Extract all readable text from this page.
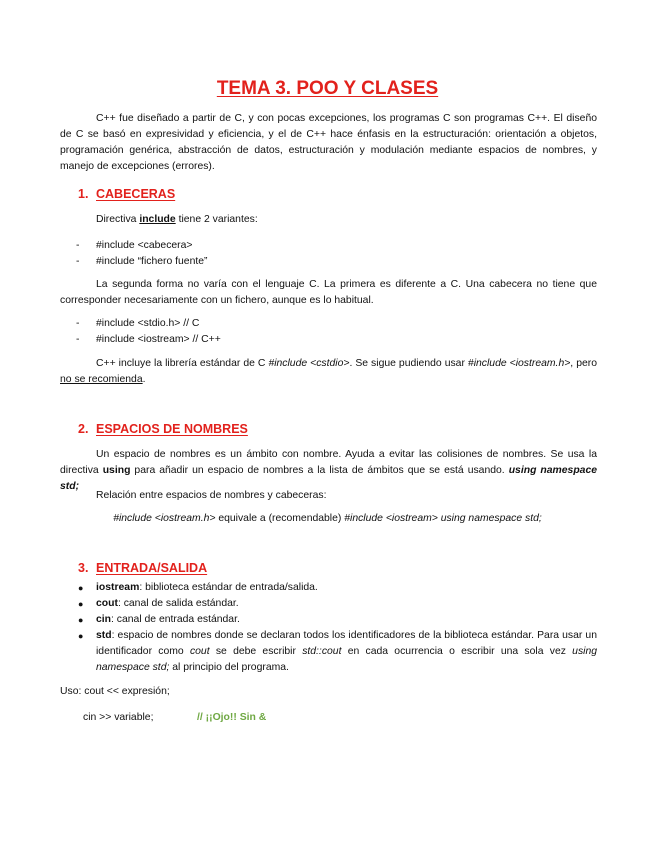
TEMA 3. POO Y CLASES
C++ fue diseñado a partir de C, y con pocas excepciones, los programas C son programas C++. El diseño de C se basó en expresividad y eficiencia, y el de C++ hace énfasis en la estructuración: orientación a objetos, programación genérica, abstracción de datos, estructuración y modulación mediante espacios de nombres, y manejo de excepciones (errores).
1. CABECERAS
Directiva include tiene 2 variantes:
- #include <cabecera>
- #include “fichero fuente”
La segunda forma no varía con el lenguaje C. La primera es diferente a C. Una cabecera no tiene que corresponder necesariamente con un fichero, aunque es lo habitual.
- #include <stdio.h> // C
- #include <iostream> // C++
C++ incluye la librería estándar de C #include <cstdio>. Se sigue pudiendo usar #include <iostream.h>, pero no se recomienda.
2. ESPACIOS DE NOMBRES
Un espacio de nombres es un ámbito con nombre. Ayuda a evitar las colisiones de nombres. Se usa la directiva using para añadir un espacio de nombres a la lista de ámbitos que se está usando. using namespace std;
Relación entre espacios de nombres y cabeceras:
#include <iostream.h> equivale a (recomendable) #include <iostream> using namespace std;
3. ENTRADA/SALIDA
● iostream: biblioteca estándar de entrada/salida.
● cout: canal de salida estándar.
● cin: canal de entrada estándar.
● std: espacio de nombres donde se declaran todos los identificadores de la biblioteca estándar. Para usar un identificador como cout se debe escribir std::cout en cada ocurrencia o escribir una sola vez using namespace std; al principio del programa.
Uso: cout << expresión;
cin >> variable;	// ¡¡Ojo!! Sin &
